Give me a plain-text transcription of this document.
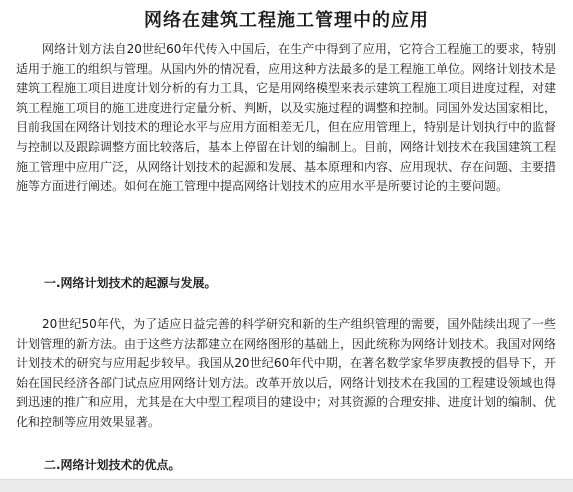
网络在建筑工程施工管理中的应用

网络计划方法自20世纪60年代传入中国后，在生产中得到了应用，它符合工程施工的要求，特别适用于施工的组织与管理。从国内外的情况看，应用这种方法最多的是工程施工单位。网络计划技术是建筑工程施工项目进度计划分析的有力工具，它是用网络模型来表示建筑工程施工项目进度过程，对建筑工程施工项目的施工进度进行定量分析、判断，以及实施过程的调整和控制。同国外发达国家相比，目前我国在网络计划技术的理论水平与应用方面相差无几，但在应用管理上，特别是计划执行中的监督与控制以及跟踪调整方面比较落后，基本上停留在计划的编制上。目前，网络计划技术在我国建筑工程施工管理中应用广泛，从网络计划技术的起源和发展、基本原理和内容、应用现状、存在问题、主要措施等方面进行阐述。如何在施工管理中提高网络计划技术的应用水平是所要讨论的主要问题。

一.网络计划技术的起源与发展。

20世纪50年代，为了适应日益完善的科学研究和新的生产组织管理的需要，国外陆续出现了一些计划管理的新方法。由于这些方法都建立在网络图形的基础上，因此统称为网络计划技术。我国对网络计划技术的研究与应用起步较早。我国从20世纪60年代中期，在著名数学家华罗庚教授的倡导下，开始在国民经济各部门试点应用网络计划方法。改革开放以后，网络计划技术在我国的工程建设领域也得到迅速的推广和应用，尤其是在大中型工程项目的建设中；对其资源的合理安排、进度计划的编制、优化和控制等应用效果显著。

二.网络计划技术的优点。
